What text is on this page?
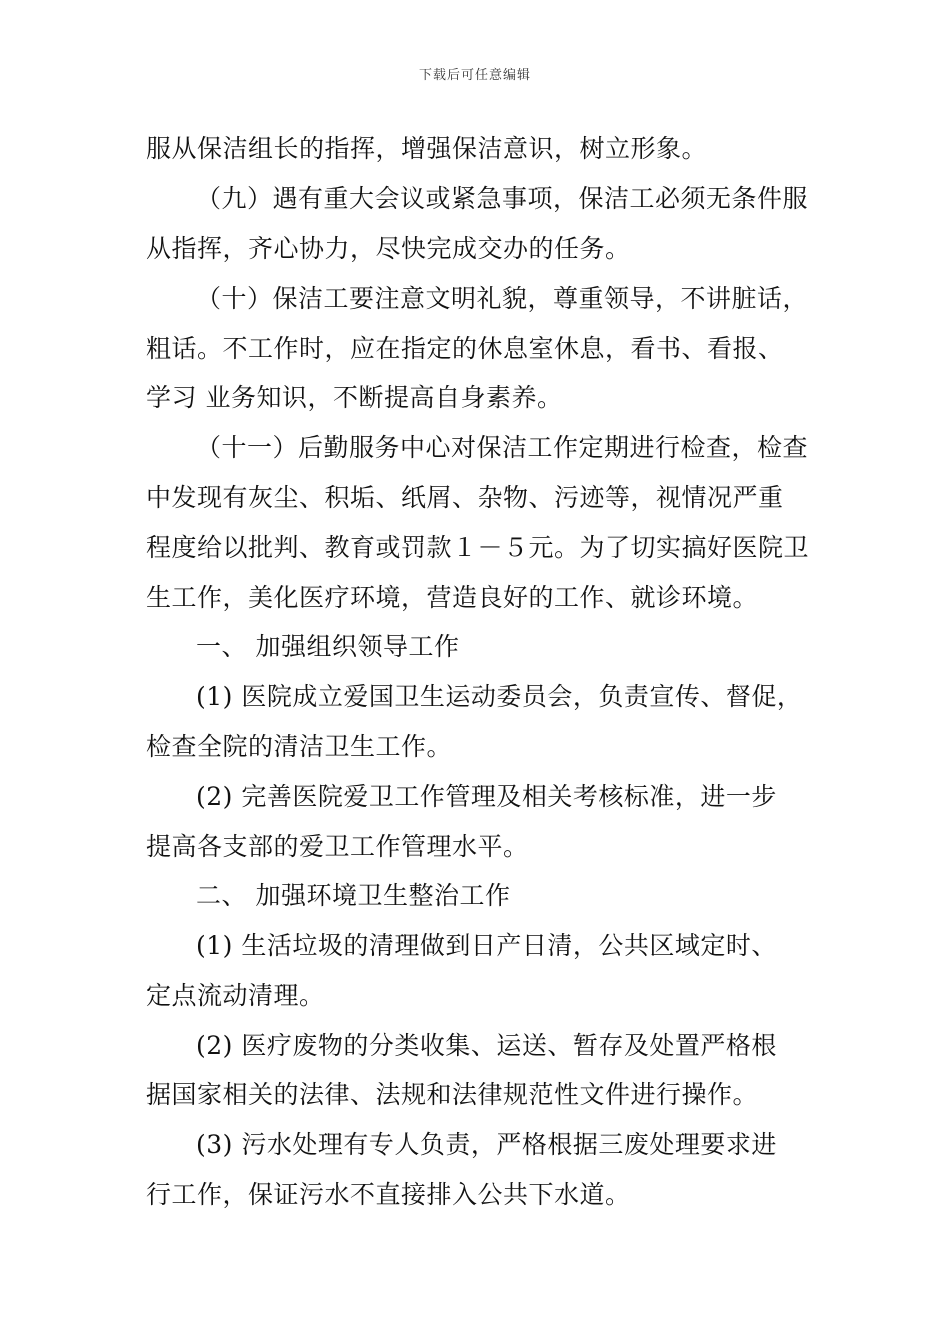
下载后可任意编辑
服从保洁组长的指挥，增强保洁意识，树立形象。
（九）遇有重大会议或紧急事项，保洁工必须无条件服
从指挥，齐心协力，尽快完成交办的任务。
（十）保洁工要注意文明礼貌，尊重领导，不讲脏话，
粗话。不工作时，应在指定的休息室休息，看书、看报、
学习 业务知识，不断提高自身素养。
（十一）后勤服务中心对保洁工作定期进行检查，检查
中发现有灰尘、积垢、纸屑、杂物、污迹等，视情况严重
程度给以批判、教育或罚款１－５元。为了切实搞好医院卫
生工作，美化医疗环境，营造良好的工作、就诊环境。
一、 加强组织领导工作
(1) 医院成立爱国卫生运动委员会，负责宣传、督促，
检查全院的清洁卫生工作。
(2) 完善医院爱卫工作管理及相关考核标准，进一步
提高各支部的爱卫工作管理水平。
二、 加强环境卫生整治工作
(1) 生活垃圾的清理做到日产日清，公共区域定时、
定点流动清理。
(2) 医疗废物的分类收集、运送、暂存及处置严格根
据国家相关的法律、法规和法律规范性文件进行操作。
(3) 污水处理有专人负责，严格根据三废处理要求进
行工作，保证污水不直接排入公共下水道。
